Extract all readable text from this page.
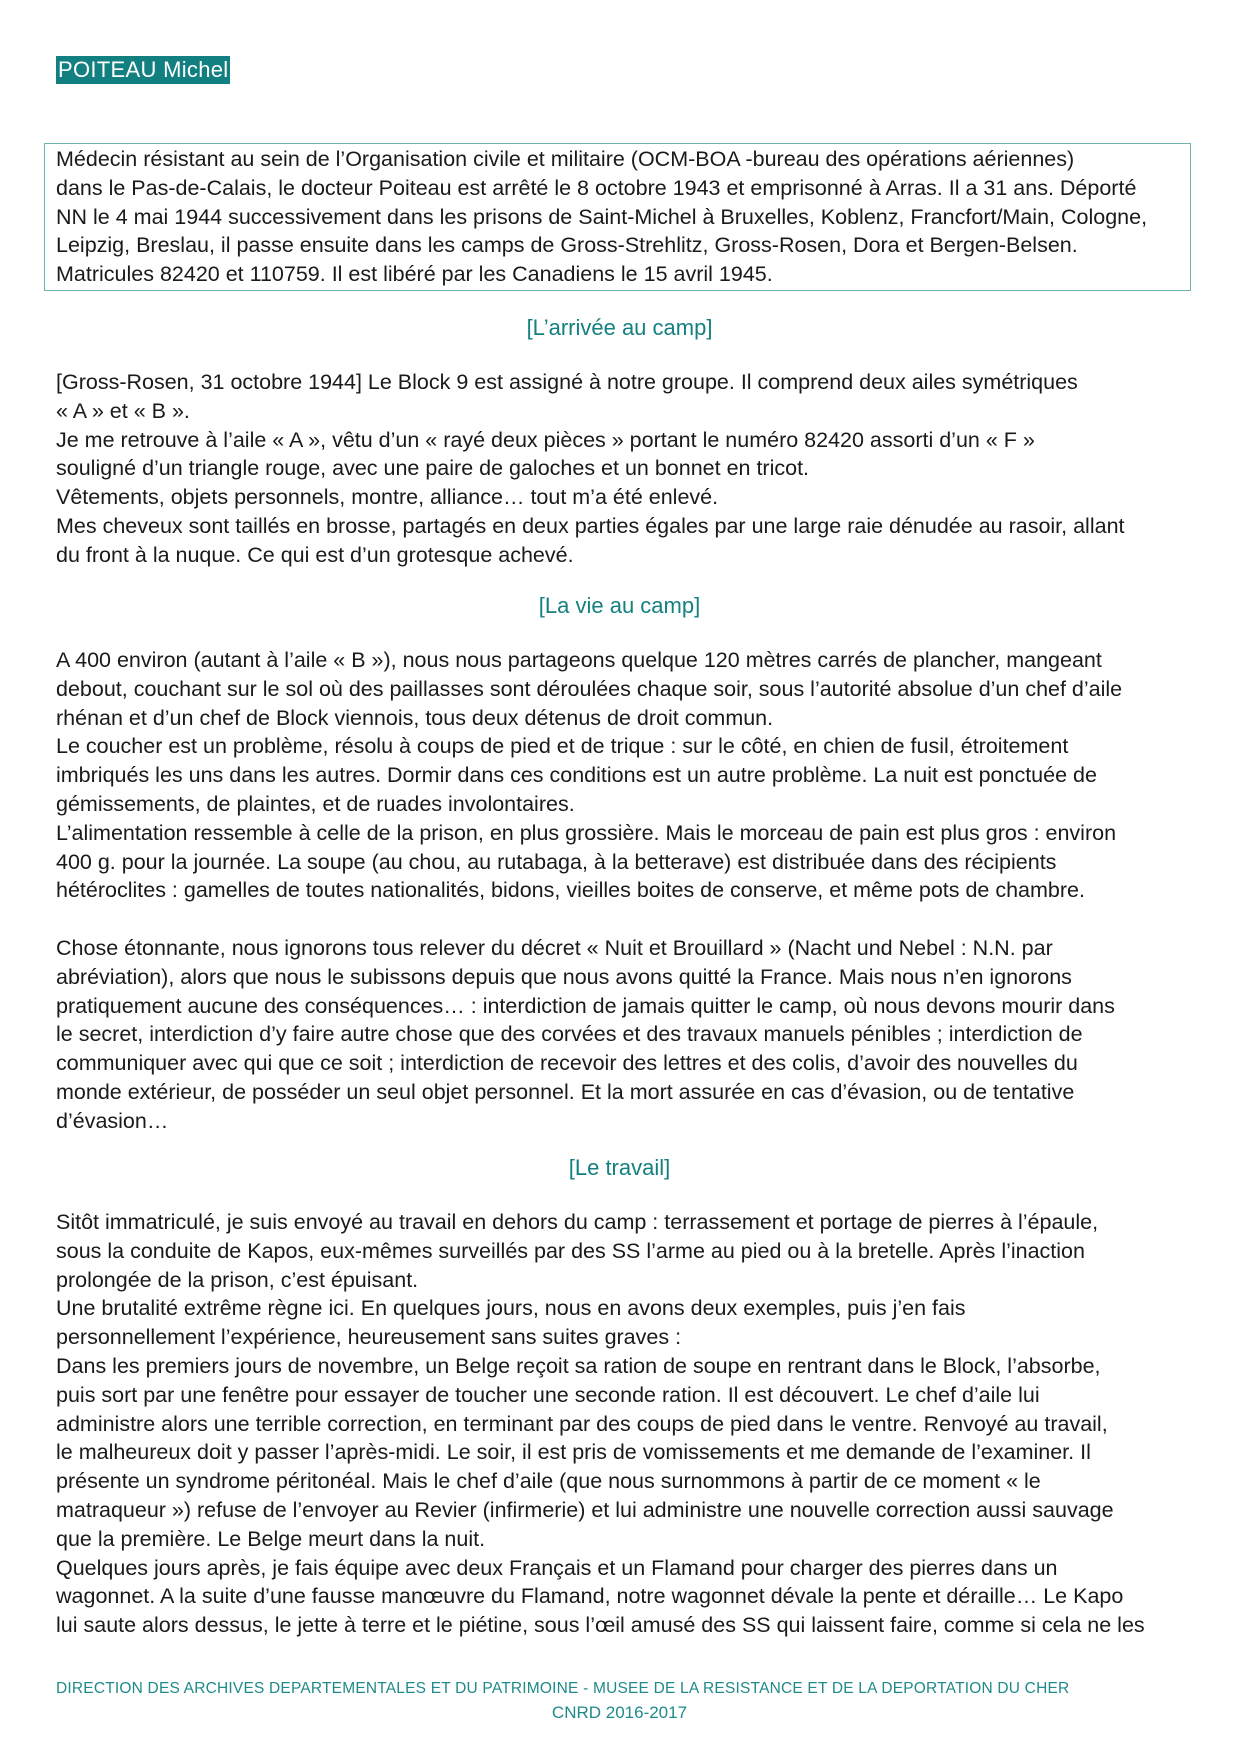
POITEAU Michel
Médecin résistant au sein de l’Organisation civile et militaire (OCM-BOA -bureau des opérations aériennes)
dans le Pas-de-Calais, le docteur Poiteau est arrêté le 8 octobre 1943 et emprisonné à Arras. Il a 31 ans. Déporté
NN le 4 mai 1944 successivement dans les prisons de Saint-Michel à Bruxelles, Koblenz, Francfort/Main, Cologne,
Leipzig, Breslau, il passe ensuite dans les camps de Gross-Strehlitz, Gross-Rosen, Dora et Bergen-Belsen.
Matricules 82420 et 110759. Il est libéré par les Canadiens le 15 avril 1945.
[L’arrivée au camp]
[Gross-Rosen, 31 octobre 1944] Le Block 9 est assigné à notre groupe. Il comprend deux ailes symétriques
« A » et « B ».
Je me retrouve à l’aile « A », vêtu d’un « rayé deux pièces » portant le numéro 82420 assorti d’un « F »
souligné d’un triangle rouge, avec une paire de galoches et un bonnet en tricot.
Vêtements, objets personnels, montre, alliance… tout m’a été enlevé.
Mes cheveux sont taillés en brosse, partagés en deux parties égales par une large raie dénudée au rasoir, allant
du front à la nuque. Ce qui est d’un grotesque achevé.
[La vie au camp]
A 400 environ (autant à l’aile « B »), nous nous partageons quelque 120 mètres carrés de plancher, mangeant
debout, couchant sur le sol où des paillasses sont déroulées chaque soir, sous l’autorité absolue d’un chef d’aile
rhénan et d’un chef de Block viennois, tous deux détenus de droit commun.
Le coucher est un problème, résolu à coups de pied et de trique : sur le côté, en chien de fusil, étroitement
imbriqués les uns dans les autres. Dormir dans ces conditions est un autre problème. La nuit est ponctuée de
gémissements, de plaintes, et de ruades involontaires.
L’alimentation ressemble à celle de la prison, en plus grossière. Mais le morceau de pain est plus gros : environ
400 g. pour la journée. La soupe (au chou, au rutabaga, à la betterave) est distribuée dans des récipients
hétéroclites : gamelles de toutes nationalités, bidons, vieilles boites de conserve, et même pots de chambre.

Chose étonnante, nous ignorons tous relever du décret « Nuit et Brouillard » (Nacht und Nebel : N.N. par
abréviation), alors que nous le subissons depuis que nous avons quitté la France. Mais nous n’en ignorons
pratiquement aucune des conséquences… : interdiction de jamais quitter le camp, où nous devons mourir dans
le secret, interdiction d’y faire autre chose que des corvées et des travaux manuels pénibles ; interdiction de
communiquer avec qui que ce soit ; interdiction de recevoir des lettres et des colis, d’avoir des nouvelles du
monde extérieur, de posséder un seul objet personnel. Et la mort assurée en cas d’évasion, ou de tentative
d’évasion…
[Le travail]
Sitôt immatriculé, je suis envoyé au travail en dehors du camp : terrassement et portage de pierres à l’épaule,
sous la conduite de Kapos, eux-mêmes surveillés par des SS l’arme au pied ou à la bretelle. Après l’inaction
prolongée de la prison, c’est épuisant.
Une brutalité extrême règne ici. En quelques jours, nous en avons deux exemples, puis j’en fais
personnellement l’expérience, heureusement sans suites graves :
Dans les premiers jours de novembre, un Belge reçoit sa ration de soupe en rentrant dans le Block, l’absorbe,
puis sort par une fenêtre pour essayer de toucher une seconde ration. Il est découvert. Le chef d’aile lui
administre alors une terrible correction, en terminant par des coups de pied dans le ventre. Renvoyé au travail,
le malheureux doit y passer l’après-midi. Le soir, il est pris de vomissements et me demande de l’examiner. Il
présente un syndrome péritonéal. Mais le chef d’aile (que nous surnommons à partir de ce moment « le
matraqueur ») refuse de l’envoyer au Revier (infirmerie) et lui administre une nouvelle correction aussi sauvage
que la première. Le Belge meurt dans la nuit.
Quelques jours après, je fais équipe avec deux Français et un Flamand pour charger des pierres dans un
wagonnet. A la suite d’une fausse manœuvre du Flamand, notre wagonnet dévale la pente et déraille… Le Kapo
lui saute alors dessus, le jette à terre et le piétine, sous l’œil amusé des SS qui laissent faire, comme si cela ne les
DIRECTION DES ARCHIVES DEPARTEMENTALES ET DU PATRIMOINE - MUSEE DE LA RESISTANCE ET DE LA DEPORTATION DU CHER
CNRD 2016-2017
